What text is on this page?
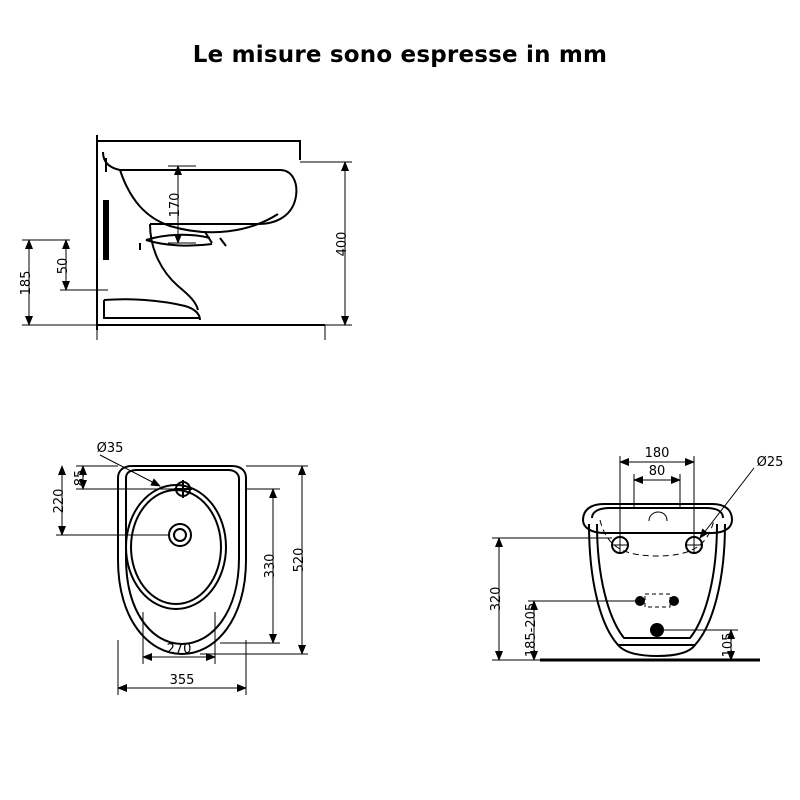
Le misure sono espresse in mm
170
400
185
50
Ø35
85
220
330 520
270
355
180
80
Ø25
320
185-205	105
